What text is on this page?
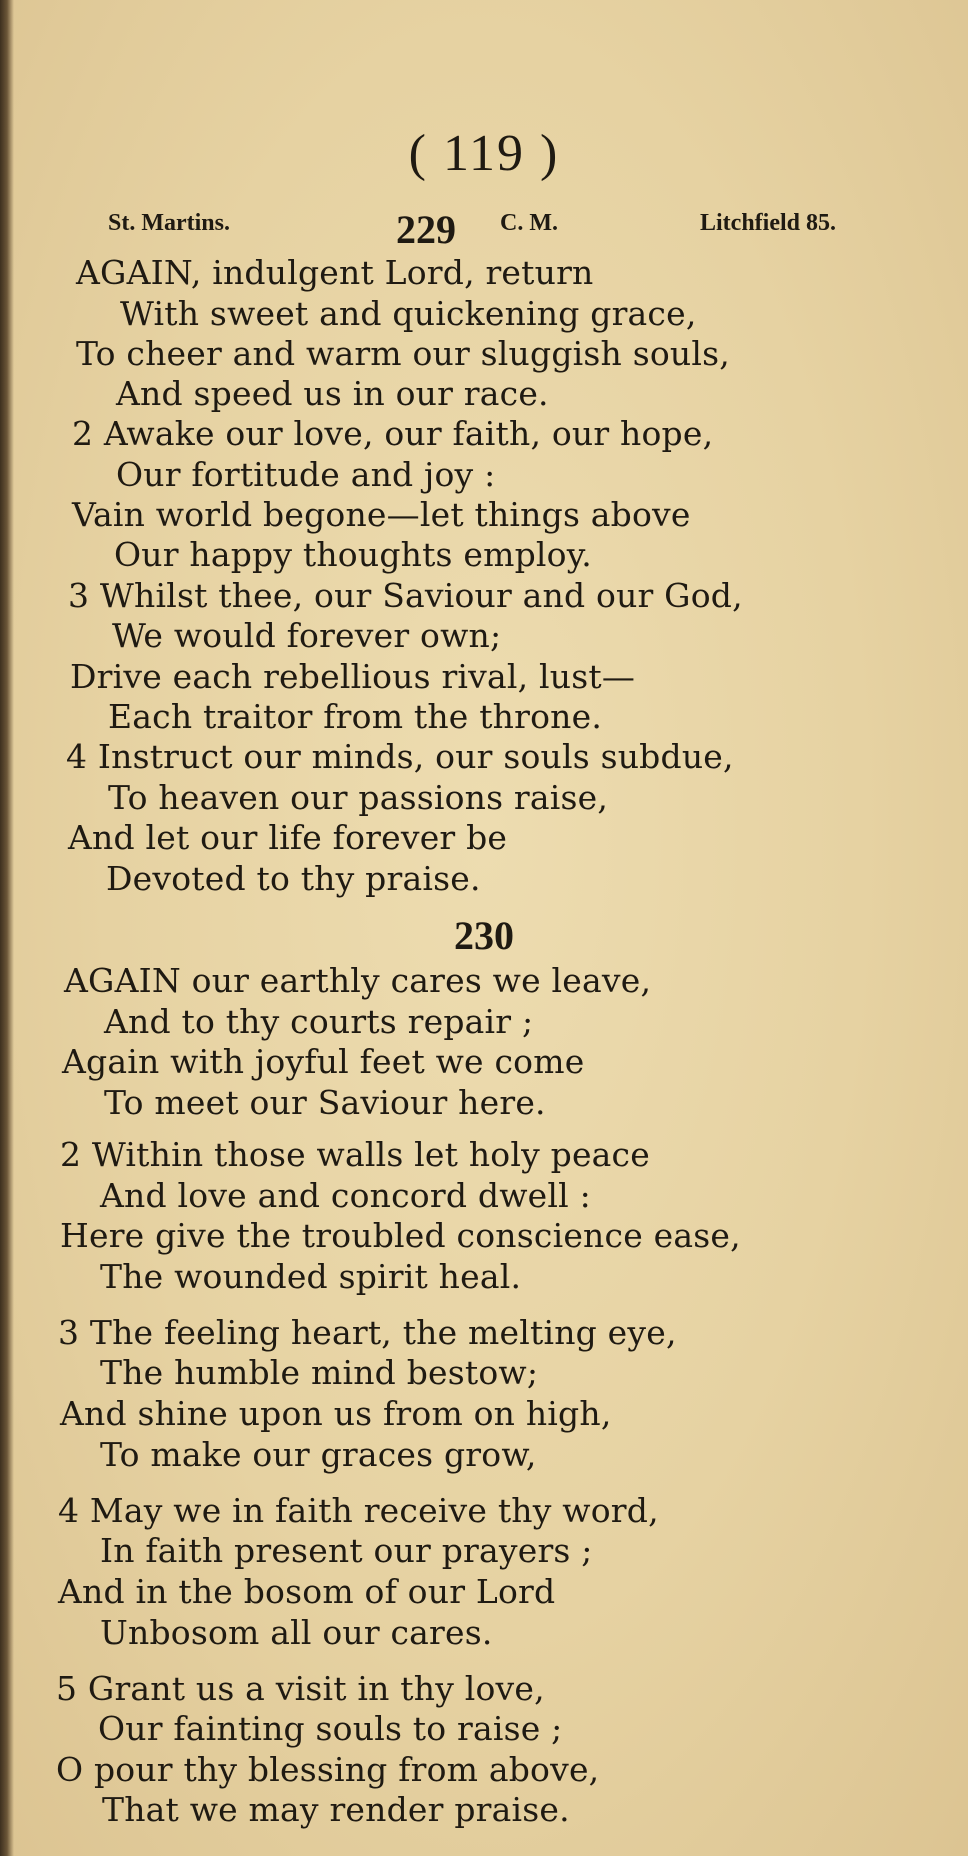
( 119 )
St. Martins.	229 C. M.	Litchfield 85.
AGAIN, indulgent Lord, return
With sweet and quickening grace,
To cheer and warm our sluggish souls,
And speed us in our race.
2 Awake our love, our faith, our hope,
Our fortitude and joy :
Vain world begone—let things above
Our happy thoughts employ.
3 Whilst thee, our Saviour and our God,
We would forever own;
Drive each rebellious rival, lust—
Each traitor from the throne.
4 Instruct our minds, our souls subdue,
To heaven our passions raise,
And let our life forever be
Devoted to thy praise.
230
AGAIN our earthly cares we leave,
And to thy courts repair ;
Again with joyful feet we come
To meet our Saviour here.
2 Within those walls let holy peace
And love and concord dwell :
Here give the troubled conscience ease,
The wounded spirit heal.
3 The feeling heart, the melting eye,
The humble mind bestow;
And shine upon us from on high,
To make our graces grow,
4 May we in faith receive thy word,
In faith present our prayers ;
And in the bosom of our Lord
Unbosom all our cares.
5 Grant us a visit in thy love,
Our fainting souls to raise ;
O pour thy blessing from above,
That we may render praise.
